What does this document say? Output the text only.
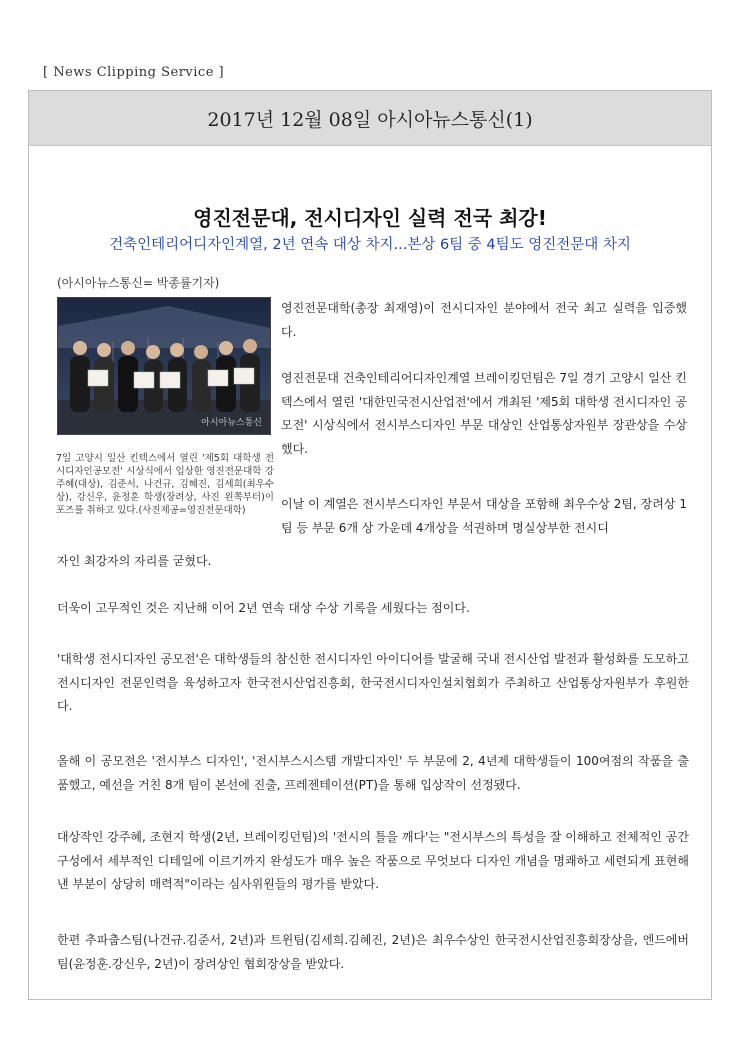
[ News Clipping Service ]
2017년 12월 08일 아시아뉴스통신(1)
영진전문대, 전시디자인 실력 전국 최강!
건축인테리어디자인계열, 2년 연속 대상 차지...본상 6팀 중 4팀도 영진전문대 차지
(아시아뉴스통신= 박종률기자)
아시아뉴스통신
7일 고양시 일산 킨텍스에서 열린 '제5회 대학생 전시디자인공모전' 시상식에서 입상한 영진전문대학 강주혜(대상), 김준서, 나건규, 김혜진, 김세희(최우수상), 강신우, 윤정훈 학생(장려상, 사진 왼쪽부터)이 포즈를 취하고 있다.(사진제공=영진전문대학)

영진전문대학(총장 최재영)이 전시디자인 분야에서 전국 최고 실력을 입증했다.

영진전문대 건축인테리어디자인계열 브레이킹던팀은 7일 경기 고양시 일산 킨텍스에서 열린 '대한민국전시산업전'에서 개최된 '제5회 대학생 전시디자인 공모전' 시상식에서 전시부스디자인 부문 대상인 산업통상자원부 장관상을 수상했다.

이날 이 계열은 전시부스디자인 부문서 대상을 포함해 최우수상 2팀, 장려상 1팀 등 부문 6개 상 가운데 4개상을 석권하며 명실상부한 전시디

자인 최강자의 자리를 굳혔다.

더욱이 고무적인 것은 지난해 이어 2년 연속 대상 수상 기록을 세웠다는 점이다.

'대학생 전시디자인 공모전'은 대학생들의 참신한 전시디자인 아이디어를 발굴해 국내 전시산업 발전과 활성화를 도모하고 전시디자인 전문인력을 육성하고자 한국전시산업진흥회, 한국전시디자인설치협회가 주최하고 산업통상자원부가 후원한다.

올해 이 공모전은 '전시부스 디자인', '전시부스시스템 개발디자인' 두 부문에 2, 4년제 대학생들이 100여점의 작품을 출품했고, 예선을 거친 8개 팀이 본선에 진출, 프레젠테이션(PT)을 통해 입상작이 선정됐다.

대상작인 강주혜, 조현지 학생(2년, 브레이킹던팀)의 '전시의 틀을 깨다'는 "전시부스의 특성을 잘 이해하고 전체적인 공간구성에서 세부적인 디테일에 이르기까지 완성도가 매우 높은 작품으로 무엇보다 디자인 개념을 명쾌하고 세련되게 표현해낸 부분이 상당히 매력적"이라는 심사위원들의 평가를 받았다.

한편 추파춥스팀(나건규.김준서, 2년)과 트윈팀(김세희.김혜진, 2년)은 최우수상인 한국전시산업진흥회장상을, 엔드에버팀(윤정훈.강신우, 2년)이 장려상인 협회장상을 받았다.
